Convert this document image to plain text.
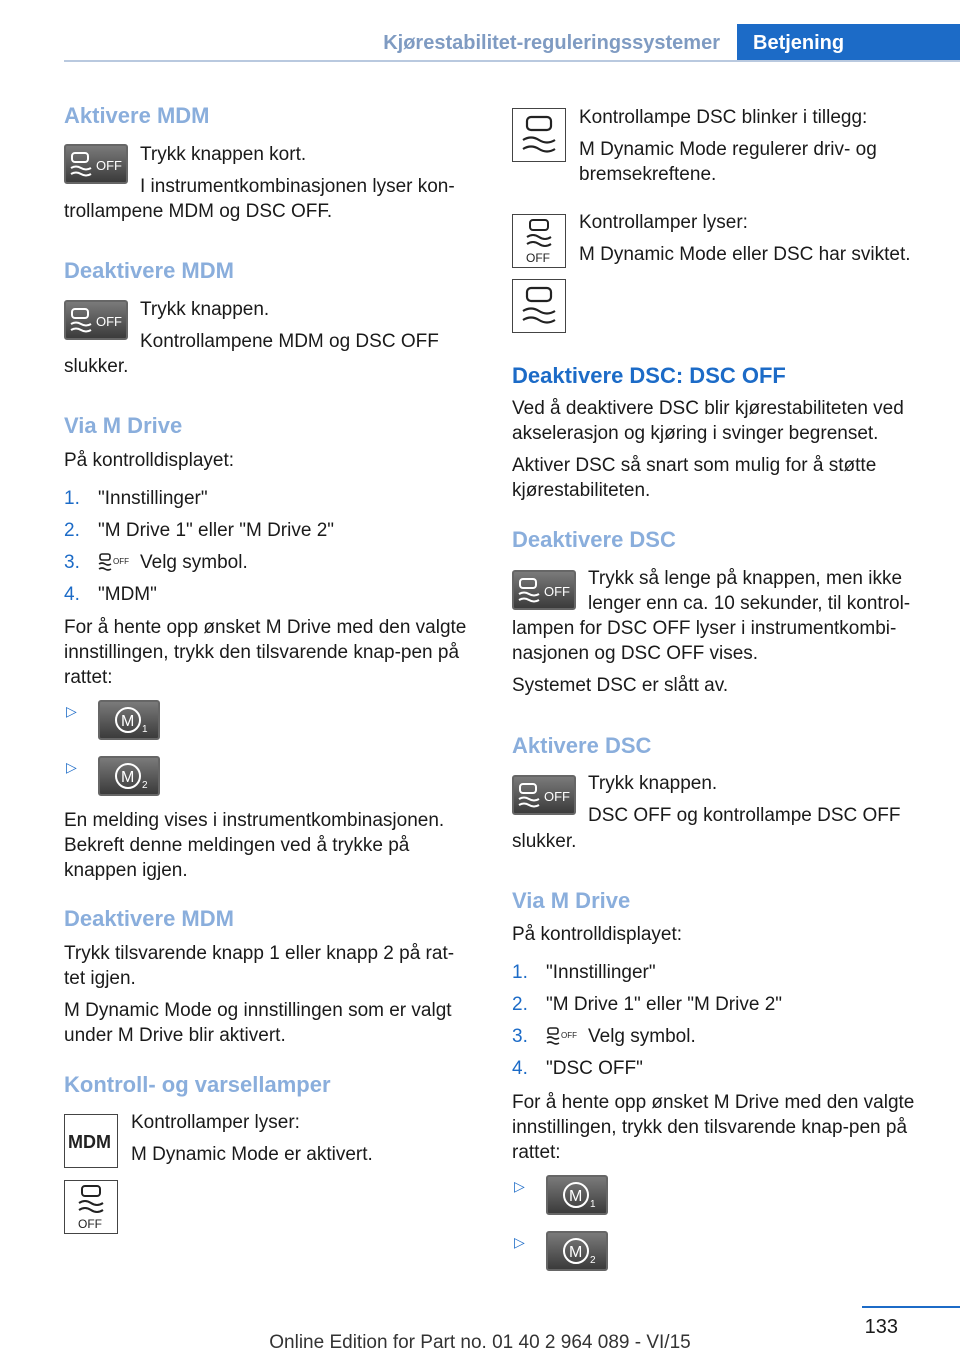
Kjørestabilitet-reguleringssystemer	Betjening
Aktivere MDM
OFF

Trykk knappen kort.

I instrumentkombinasjonen lyser kon‐

trollampene MDM og DSC OFF.

Deaktivere MDM
OFF

Trykk knappen.

Kontrollampene MDM og DSC OFF

slukker.

Via M Drive

På kontrolldisplayet:

1. "Innstillinger"
2. "M Drive 1" eller "M Drive 2"
3.	OFF Velg symbol.
4. "MDM"

For å hente opp ønsket M Drive med den valgte innstillingen, trykk den tilsvarende knap‐pen på rattet:

▷
M 1
▷
M 2

En melding vises i instrumentkombinasjonen. Bekreft denne meldingen ved å trykke på knappen igjen.

Deaktivere MDM

Trykk tilsvarende knapp 1 eller knapp 2 på rat‐tet igjen.

M Dynamic Mode og innstillingen som er valgt under M Drive blir aktivert.

Kontroll- og varsellamper
MDM

Kontrollamper lyser:

M Dynamic Mode er aktivert.

OFF

Kontrollampe DSC blinker i tillegg:

M Dynamic Mode regulerer driv- og bremsekreftene.

OFF

Kontrollamper lyser:

M Dynamic Mode eller DSC har sviktet.

Deaktivere DSC: DSC OFF

Ved å deaktivere DSC blir kjørestabiliteten ved akselerasjon og kjøring i svinger begrenset.

Aktiver DSC så snart som mulig for å støtte kjørestabiliteten.

Deaktivere DSC
OFF

Trykk så lenge på knappen, men ikke

lenger enn ca. 10 sekunder, til kontrol‐

lampen for DSC OFF lyser i instrumentkombi‐nasjonen og DSC OFF vises.

Systemet DSC er slått av.

Aktivere DSC
OFF

Trykk knappen.

DSC OFF og kontrollampe DSC OFF

slukker.

Via M Drive

På kontrolldisplayet:

1. "Innstillinger"
2. "M Drive 1" eller "M Drive 2"
3.	OFF Velg symbol.
4. "DSC OFF"

For å hente opp ønsket M Drive med den valgte innstillingen, trykk den tilsvarende knap‐pen på rattet:

▷
M 1
▷
M 2
133
Online Edition for Part no. 01 40 2 964 089 - VI/15
